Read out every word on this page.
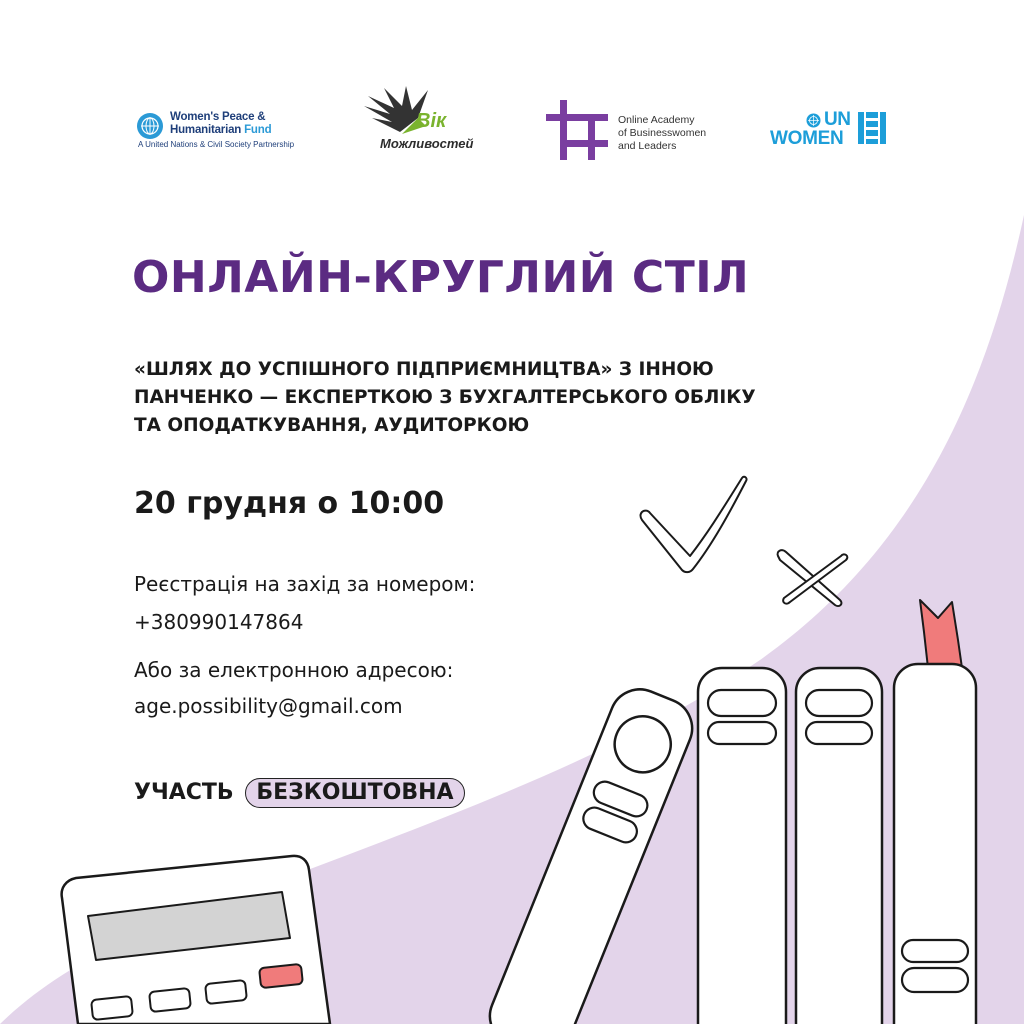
Women's Peace &
Humanitarian Fund
A United Nations & Civil Society Partnership
Вік
Можливостей
Online Academy
of Businesswomen
and Leaders
UN
WOMEN
ОНЛАЙН-КРУГЛИЙ СТІЛ
«ШЛЯХ ДО УСПІШНОГО ПІДПРИЄМНИЦТВА» З ІННОЮ
ПАНЧЕНКО — ЕКСПЕРТКОЮ З БУХГАЛТЕРСЬКОГО ОБЛІКУ
ТА ОПОДАТКУВАННЯ, АУДИТОРКОЮ
20 грудня о 10:00
Реєстрація на захід за номером:
+380990147864
Або за електронною адресою:
age.possibility@gmail.com
УЧАСТЬ БЕЗКОШТОВНА
